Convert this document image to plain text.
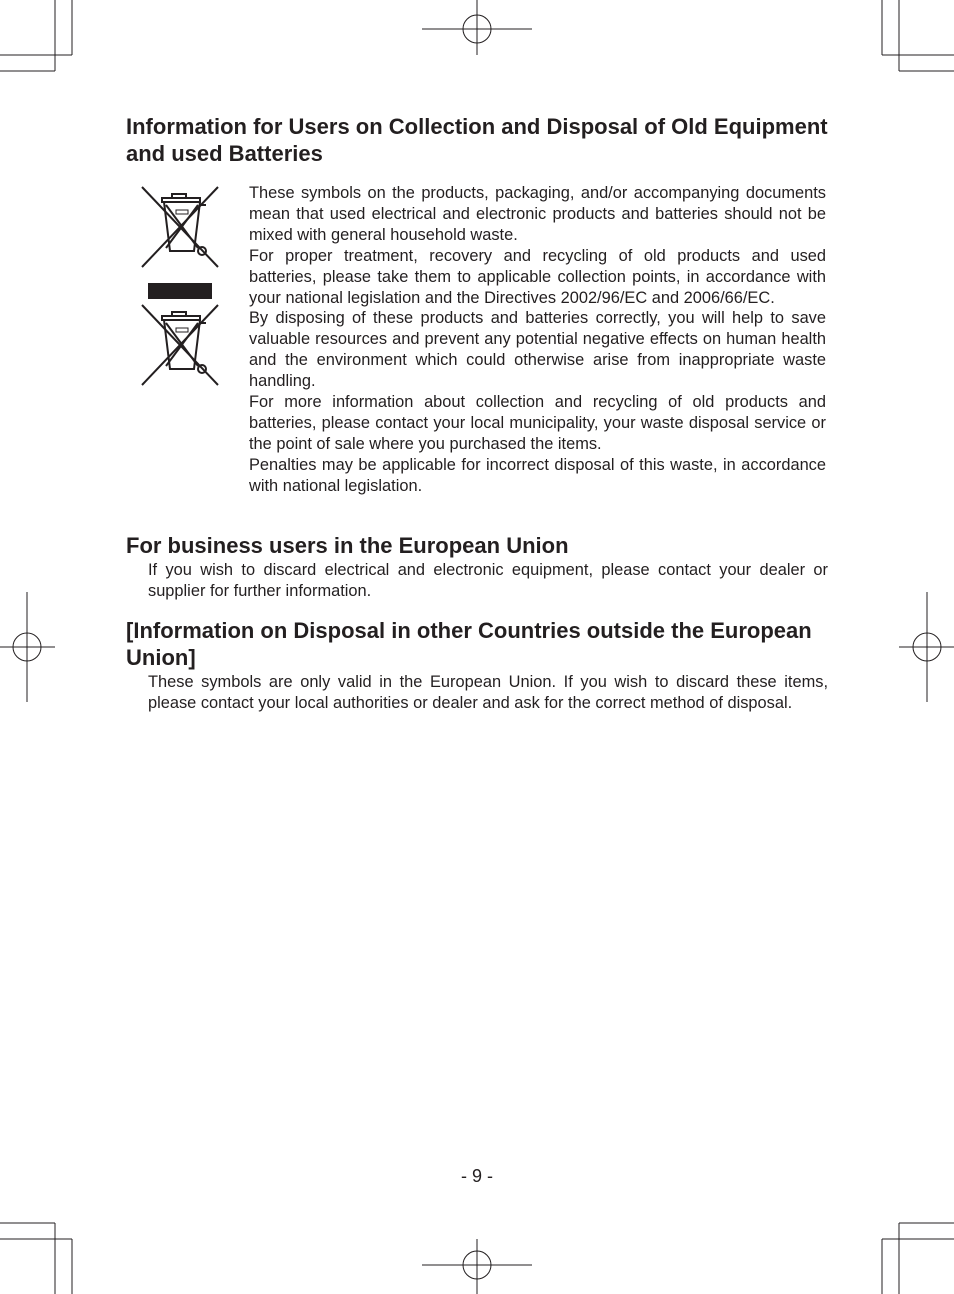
Information for Users on Collection and Disposal of Old Equipment and used Batteries

These symbols on the products, packaging, and/or accompanying documents mean that used electrical and electronic products and batteries should not be mixed with general household waste.

For proper treatment, recovery and recycling of old products and used batteries, please take them to applicable collection points, in accordance with your national legislation and the Directives 2002/96/EC and 2006/66/EC.

By disposing of these products and batteries correctly, you will help to save valuable resources and prevent any potential negative effects on human health and the environment which could otherwise arise from inappropriate waste handling.

For more information about collection and recycling of old products and batteries, please contact your local municipality, your waste disposal service or the point of sale where you purchased the items.

Penalties may be applicable for incorrect disposal of this waste, in accordance with national legislation.

For business users in the European Union

If you wish to discard electrical and electronic equipment, please contact your dealer or supplier for further information.

[Information on Disposal in other Countries outside the European Union]

These symbols are only valid in the European Union. If you wish to discard these items, please contact your local authorities or dealer and ask for the correct method of disposal.

- 9 -
